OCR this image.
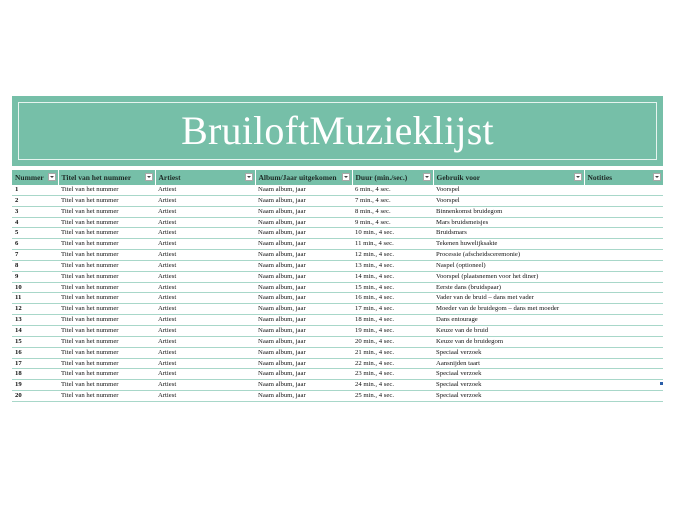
BruiloftMuzieklijst
Nummer	Titel van het nummer	Artiest	Album/Jaar uitgekomen	Duur (min./sec.)	Gebruik voor	Notities

1	Titel van het nummer	Artiest	Naam album, jaar	6 min., 4 sec.	Voorspel	
2	Titel van het nummer	Artiest	Naam album, jaar	7 min., 4 sec.	Voorspel	
3	Titel van het nummer	Artiest	Naam album, jaar	8 min., 4 sec.	Binnenkomst bruidegom	
4	Titel van het nummer	Artiest	Naam album, jaar	9 min., 4 sec.	Mars bruidsmeisjes	
5	Titel van het nummer	Artiest	Naam album, jaar	10 min., 4 sec.	Bruidsmars	
6	Titel van het nummer	Artiest	Naam album, jaar	11 min., 4 sec.	Tekenen huwelijksakte	
7	Titel van het nummer	Artiest	Naam album, jaar	12 min., 4 sec.	Processie (afscheidsceremonie)	
8	Titel van het nummer	Artiest	Naam album, jaar	13 min., 4 sec.	Naspel (optioneel)	
9	Titel van het nummer	Artiest	Naam album, jaar	14 min., 4 sec.	Voorspel (plaatsnemen voor het diner)	
10	Titel van het nummer	Artiest	Naam album, jaar	15 min., 4 sec.	Eerste dans (bruidspaar)	
11	Titel van het nummer	Artiest	Naam album, jaar	16 min., 4 sec.	Vader van de bruid – dans met vader	
12	Titel van het nummer	Artiest	Naam album, jaar	17 min., 4 sec.	Moeder van de bruidegom – dans met moeder	
13	Titel van het nummer	Artiest	Naam album, jaar	18 min., 4 sec.	Dans entourage	
14	Titel van het nummer	Artiest	Naam album, jaar	19 min., 4 sec.	Keuze van de bruid	
15	Titel van het nummer	Artiest	Naam album, jaar	20 min., 4 sec.	Keuze van de bruidegom	
16	Titel van het nummer	Artiest	Naam album, jaar	21 min., 4 sec.	Speciaal verzoek	
17	Titel van het nummer	Artiest	Naam album, jaar	22 min., 4 sec.	Aansnijden taart	
18	Titel van het nummer	Artiest	Naam album, jaar	23 min., 4 sec.	Speciaal verzoek	
19	Titel van het nummer	Artiest	Naam album, jaar	24 min., 4 sec.	Speciaal verzoek	
20	Titel van het nummer	Artiest	Naam album, jaar	25 min., 4 sec.	Speciaal verzoek	
